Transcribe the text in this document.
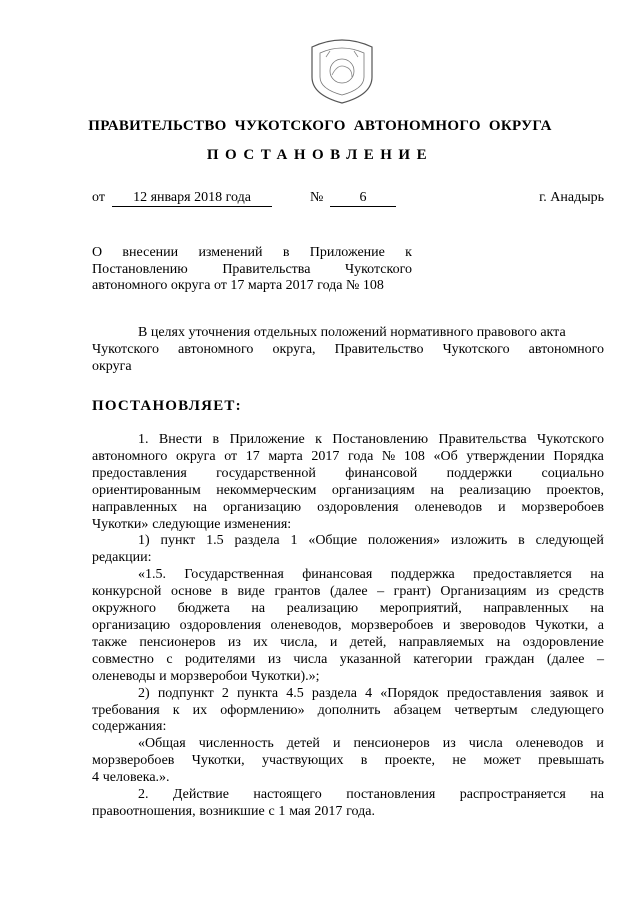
ПРАВИТЕЛЬСТВО ЧУКОТСКОГО АВТОНОМНОГО ОКРУГА
ПОСТАНОВЛЕНИЕ
от	12 января 2018 года	№	6	г. Анадырь
О внесении изменений в Приложение к
Постановлению Правительства Чукотского
автономного округа от 17 марта 2017 года № 108
В целях уточнения отдельных положений нормативного правового акта
Чукотского автономного округа, Правительство Чукотского автономного
округа
ПОСТАНОВЛЯЕТ:
1. Внести в Приложение к Постановлению Правительства Чукотского
автономного округа от 17 марта 2017 года № 108 «Об утверждении Порядка
предоставления государственной финансовой поддержки социально
ориентированным некоммерческим организациям на реализацию проектов,
направленных на организацию оздоровления оленеводов и морзверобоев
Чукотки» следующие изменения:
1) пункт 1.5 раздела 1 «Общие положения» изложить в следующей
редакции:
«1.5. Государственная финансовая поддержка предоставляется на
конкурсной основе в виде грантов (далее – грант) Организациям из средств
окружного бюджета на реализацию мероприятий, направленных на
организацию оздоровления оленеводов, морзверобоев и звероводов Чукотки, а
также пенсионеров из их числа, и детей, направляемых на оздоровление
совместно с родителями из числа указанной категории граждан (далее –
оленеводы и морзверобои Чукотки).»;
2) подпункт 2 пункта 4.5 раздела 4 «Порядок предоставления заявок и
требования к их оформлению» дополнить абзацем четвертым следующего
содержания:
«Общая численность детей и пенсионеров из числа оленеводов и
морзверобоев Чукотки, участвующих в проекте, не может превышать
4 человека.».
2. Действие настоящего постановления распространяется на
правоотношения, возникшие с 1 мая 2017 года.
